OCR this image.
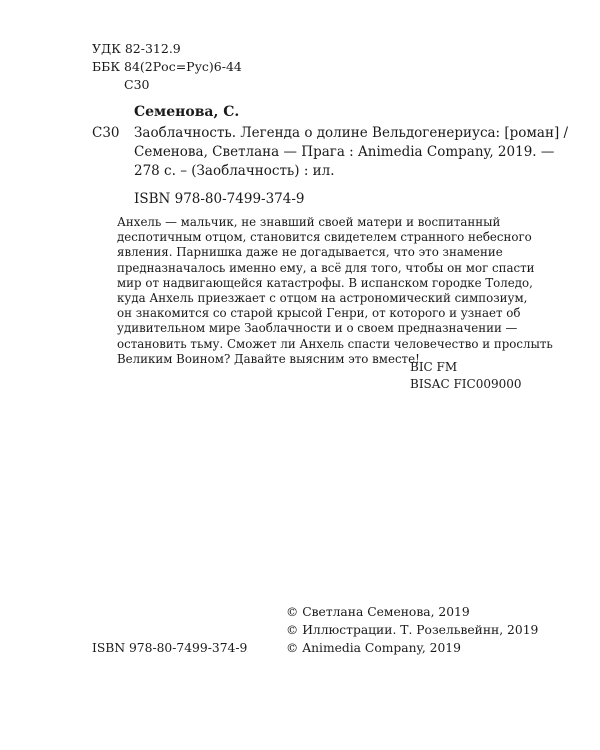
УДК 82-312.9
ББК 84(2Рос=Рус)6-44
С30
Семенова, С.
С30 Заоблачность. Легенда о долине Вельдогенериуса: [роман] /
Семенова, Светлана — Прага : Animedia Company, 2019. —
278 с. – (Заоблачность) : ил.
ISBN 978-80-7499-374-9
Анхель — мальчик, не знавший своей матери и воспитанный
деспотичным отцом, становится свидетелем странного небесного
явления. Парнишка даже не догадывается, что это знамение
предназначалось именно ему, а всё для того, чтобы он мог спасти
мир от надвигающейся катастрофы. В испанском городке Толедо,
куда Анхель приезжает с отцом на астрономический симпозиум,
он знакомится со старой крысой Генри, от которого и узнает об
удивительном мире Заоблачности и о своем предназначении —
остановить тьму. Сможет ли Анхель спасти человечество и прослыть
Великим Воином? Давайте выясним это вместе!
BIC FM
BISAC FIC009000
ISBN 978-80-7499-374-9
© Светлана Семенова, 2019
© Иллюстрации. Т. Розельвейнн, 2019
© Animedia Company, 2019
